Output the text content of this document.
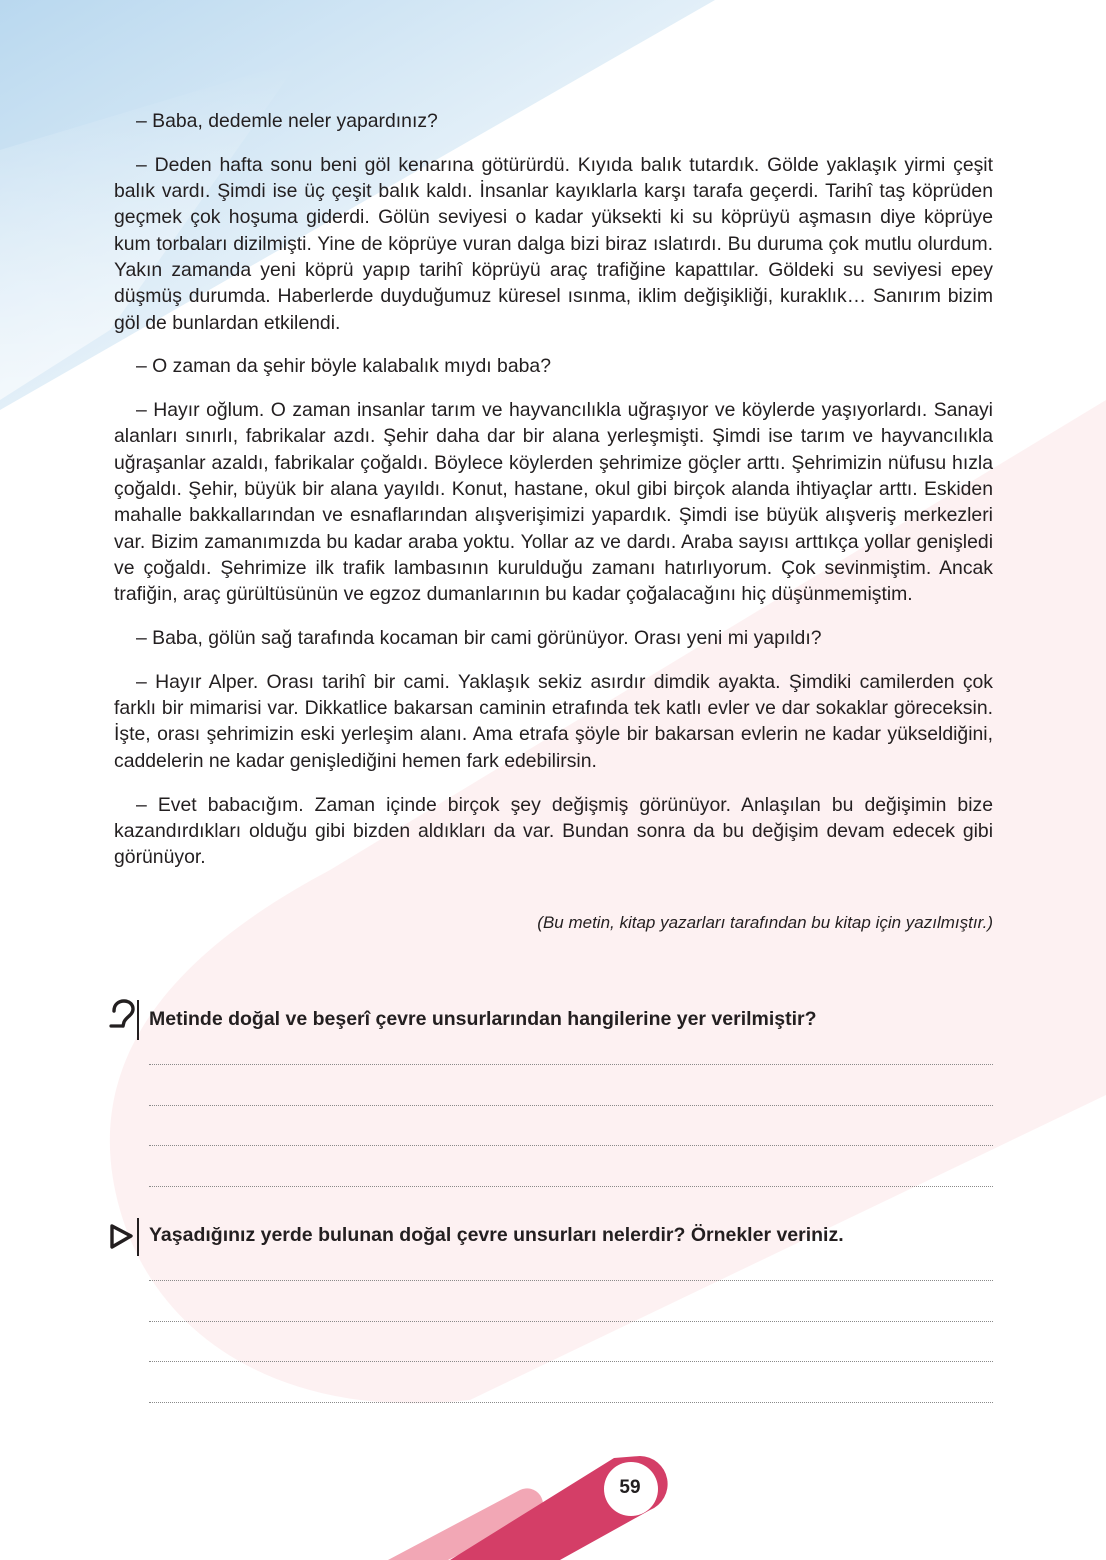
– Baba, dedemle neler yapardınız?

– Deden hafta sonu beni göl kenarına götürürdü. Kıyıda balık tutardık. Gölde yaklaşık yirmi çeşit balık vardı. Şimdi ise üç çeşit balık kaldı. İnsanlar kayıklarla karşı tarafa geçerdi. Tarihî taş köprüden geçmek çok hoşuma giderdi. Gölün seviyesi o kadar yüksekti ki su köprüyü aşmasın diye köprüye kum torbaları dizilmişti. Yine de köprüye vuran dalga bizi biraz ıslatırdı. Bu duruma çok mutlu olurdum. Yakın zamanda yeni köprü yapıp tarihî köprüyü araç trafiğine kapattılar. Göldeki su seviyesi epey düşmüş durumda. Haberlerde duyduğumuz küresel ısınma, iklim değişikliği, kuraklık… Sanırım bizim göl de bunlardan etkilendi.

– O zaman da şehir böyle kalabalık mıydı baba?

– Hayır oğlum. O zaman insanlar tarım ve hayvancılıkla uğraşıyor ve köylerde yaşıyorlardı. Sanayi alanları sınırlı, fabrikalar azdı. Şehir daha dar bir alana yerleşmişti. Şimdi ise tarım ve hayvancılıkla uğraşanlar azaldı, fabrikalar çoğaldı. Böylece köylerden şehrimize göçler arttı. Şehrimizin nüfusu hızla çoğaldı. Şehir, büyük bir alana yayıldı. Konut, hastane, okul gibi birçok alanda ihtiyaçlar arttı. Eskiden mahalle bakkallarından ve esnaflarından alışverişimizi yapardık. Şimdi ise büyük alışveriş merkezleri var. Bizim zamanımızda bu kadar araba yoktu. Yollar az ve dardı. Araba sayısı arttıkça yollar genişledi ve çoğaldı. Şehrimize ilk trafik lambasının kurulduğu zamanı hatırlıyorum. Çok sevinmiştim. Ancak trafiğin, araç gürültüsünün ve egzoz dumanlarının bu kadar çoğalacağını hiç düşünmemiştim.

– Baba, gölün sağ tarafında kocaman bir cami görünüyor. Orası yeni mi yapıldı?

– Hayır Alper. Orası tarihî bir cami. Yaklaşık sekiz asırdır dimdik ayakta. Şimdiki camilerden çok farklı bir mimarisi var. Dikkatlice bakarsan caminin etrafında tek katlı evler ve dar sokaklar göreceksin. İşte, orası şehrimizin eski yerleşim alanı. Ama etrafa şöyle bir bakarsan evlerin ne kadar yükseldiğini, caddelerin ne kadar genişlediğini hemen fark edebilirsin.

– Evet babacığım. Zaman içinde birçok şey değişmiş görünüyor. Anlaşılan bu değişimin bize kazandırdıkları olduğu gibi bizden aldıkları da var. Bundan sonra da bu değişim devam edecek gibi görünüyor.

(Bu metin, kitap yazarları tarafından bu kitap için yazılmıştır.)
Metinde doğal ve beşerî çevre unsurlarından hangilerine yer verilmiştir?
Yaşadığınız yerde bulunan doğal çevre unsurları nelerdir? Örnekler veriniz.
59
